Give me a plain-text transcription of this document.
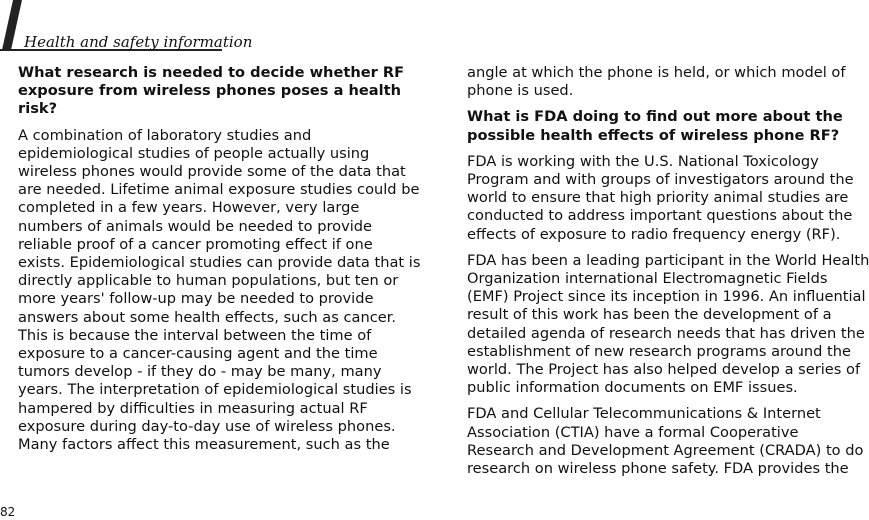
Health and safety information
What research is needed to decide whether RF exposure from wireless phones poses a health risk?

A combination of laboratory studies and epidemiological studies of people actually using wireless phones would provide some of the data that are needed. Lifetime animal exposure studies could be completed in a few years. However, very large numbers of animals would be needed to provide reliable proof of a cancer promoting effect if one exists. Epidemiological studies can provide data that is directly applicable to human populations, but ten or more years' follow-up may be needed to provide answers about some health effects, such as cancer. This is because the interval between the time of exposure to a cancer-causing agent and the time tumors develop - if they do - may be many, many years. The interpretation of epidemiological studies is hampered by difficulties in measuring actual RF exposure during day-to-day use of wireless phones. Many factors affect this measurement, such as the

angle at which the phone is held, or which model of phone is used.

What is FDA doing to find out more about the possible health effects of wireless phone RF?

FDA is working with the U.S. National Toxicology Program and with groups of investigators around the world to ensure that high priority animal studies are conducted to address important questions about the effects of exposure to radio frequency energy (RF).

FDA has been a leading participant in the World Health Organization international Electromagnetic Fields (EMF) Project since its inception in 1996. An influential result of this work has been the development of a detailed agenda of research needs that has driven the establishment of new research programs around the world. The Project has also helped develop a series of public information documents on EMF issues.

FDA and Cellular Telecommunications & Internet Association (CTIA) have a formal Cooperative Research and Development Agreement (CRADA) to do research on wireless phone safety. FDA provides the

82
